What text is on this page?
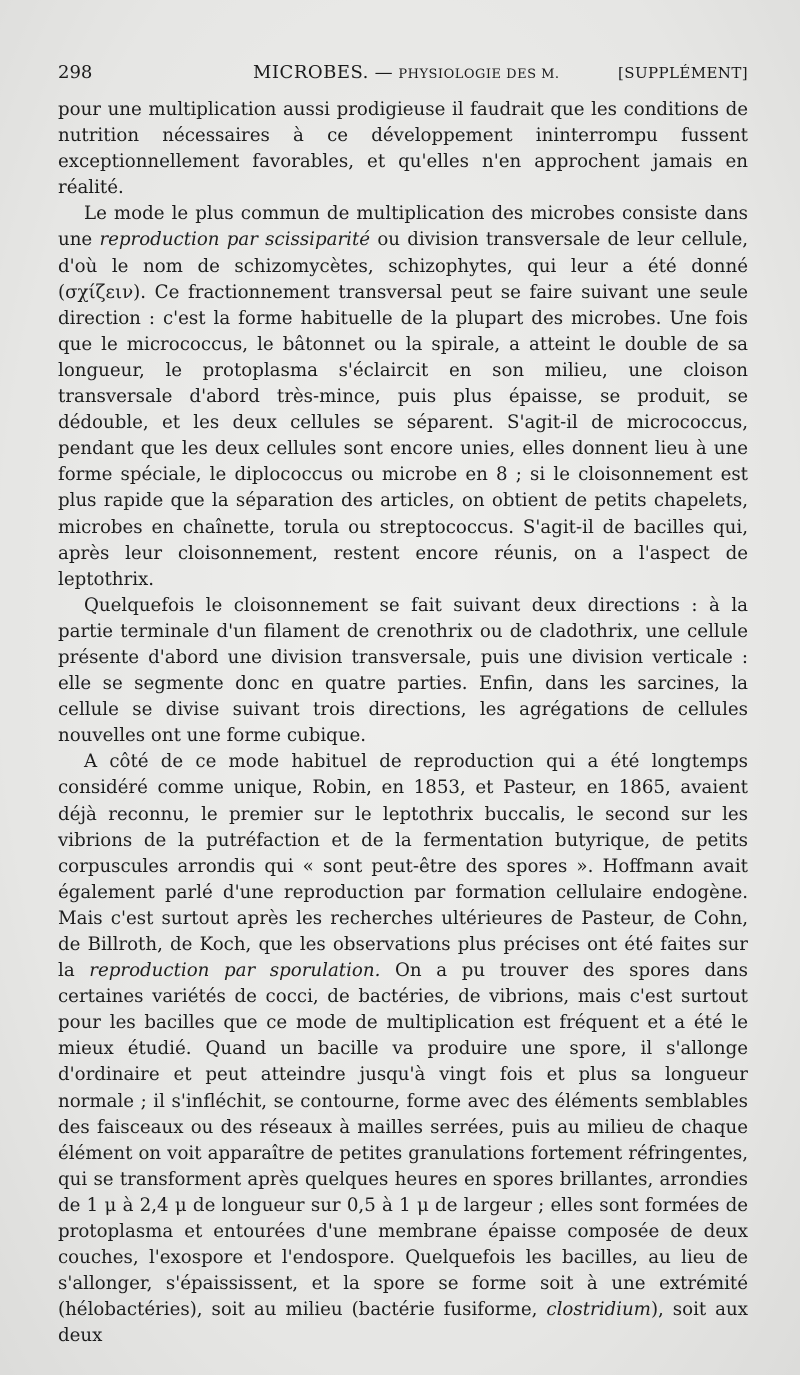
298	MICROBES. — PHYSIOLOGIE DES M.	[SUPPLÉMENT]

pour une multiplication aussi prodigieuse il faudrait que les conditions de nutrition nécessaires à ce développement ininterrompu fussent exceptionnellement favorables, et qu'elles n'en approchent jamais en réalité.

Le mode le plus commun de multiplication des microbes consiste dans une reproduction par scissiparité ou division transversale de leur cellule, d'où le nom de schizomycètes, schizophytes, qui leur a été donné (σχίζειν). Ce fractionnement transversal peut se faire suivant une seule direction : c'est la forme habituelle de la plupart des microbes. Une fois que le micrococcus, le bâtonnet ou la spirale, a atteint le double de sa longueur, le protoplasma s'éclaircit en son milieu, une cloison transversale d'abord très-mince, puis plus épaisse, se produit, se dédouble, et les deux cellules se séparent. S'agit-il de micrococcus, pendant que les deux cellules sont encore unies, elles donnent lieu à une forme spéciale, le diplococcus ou microbe en 8 ; si le cloisonnement est plus rapide que la séparation des articles, on obtient de petits chapelets, microbes en chaînette, torula ou streptococcus. S'agit-il de bacilles qui, après leur cloisonnement, restent encore réunis, on a l'aspect de leptothrix.

Quelquefois le cloisonnement se fait suivant deux directions : à la partie terminale d'un filament de crenothrix ou de cladothrix, une cellule présente d'abord une division transversale, puis une division verticale : elle se segmente donc en quatre parties. Enfin, dans les sarcines, la cellule se divise suivant trois directions, les agrégations de cellules nouvelles ont une forme cubique.

A côté de ce mode habituel de reproduction qui a été longtemps considéré comme unique, Robin, en 1853, et Pasteur, en 1865, avaient déjà reconnu, le premier sur le leptothrix buccalis, le second sur les vibrions de la putréfaction et de la fermentation butyrique, de petits corpuscules arrondis qui « sont peut-être des spores ». Hoffmann avait également parlé d'une reproduction par formation cellulaire endogène. Mais c'est surtout après les recherches ultérieures de Pasteur, de Cohn, de Billroth, de Koch, que les observations plus précises ont été faites sur la reproduction par sporulation. On a pu trouver des spores dans certaines variétés de cocci, de bactéries, de vibrions, mais c'est surtout pour les bacilles que ce mode de multiplication est fréquent et a été le mieux étudié. Quand un bacille va produire une spore, il s'allonge d'ordinaire et peut atteindre jusqu'à vingt fois et plus sa longueur normale ; il s'infléchit, se contourne, forme avec des éléments semblables des faisceaux ou des réseaux à mailles serrées, puis au milieu de chaque élément on voit apparaître de petites granulations fortement réfringentes, qui se transforment après quelques heures en spores brillantes, arrondies de 1 μ à 2,4 μ de longueur sur 0,5 à 1 μ de largeur ; elles sont formées de protoplasma et entourées d'une membrane épaisse composée de deux couches, l'exospore et l'endospore. Quelquefois les bacilles, au lieu de s'allonger, s'épaississent, et la spore se forme soit à une extrémité (hélobactéries), soit au milieu (bactérie fusiforme, clostridium), soit aux deux
